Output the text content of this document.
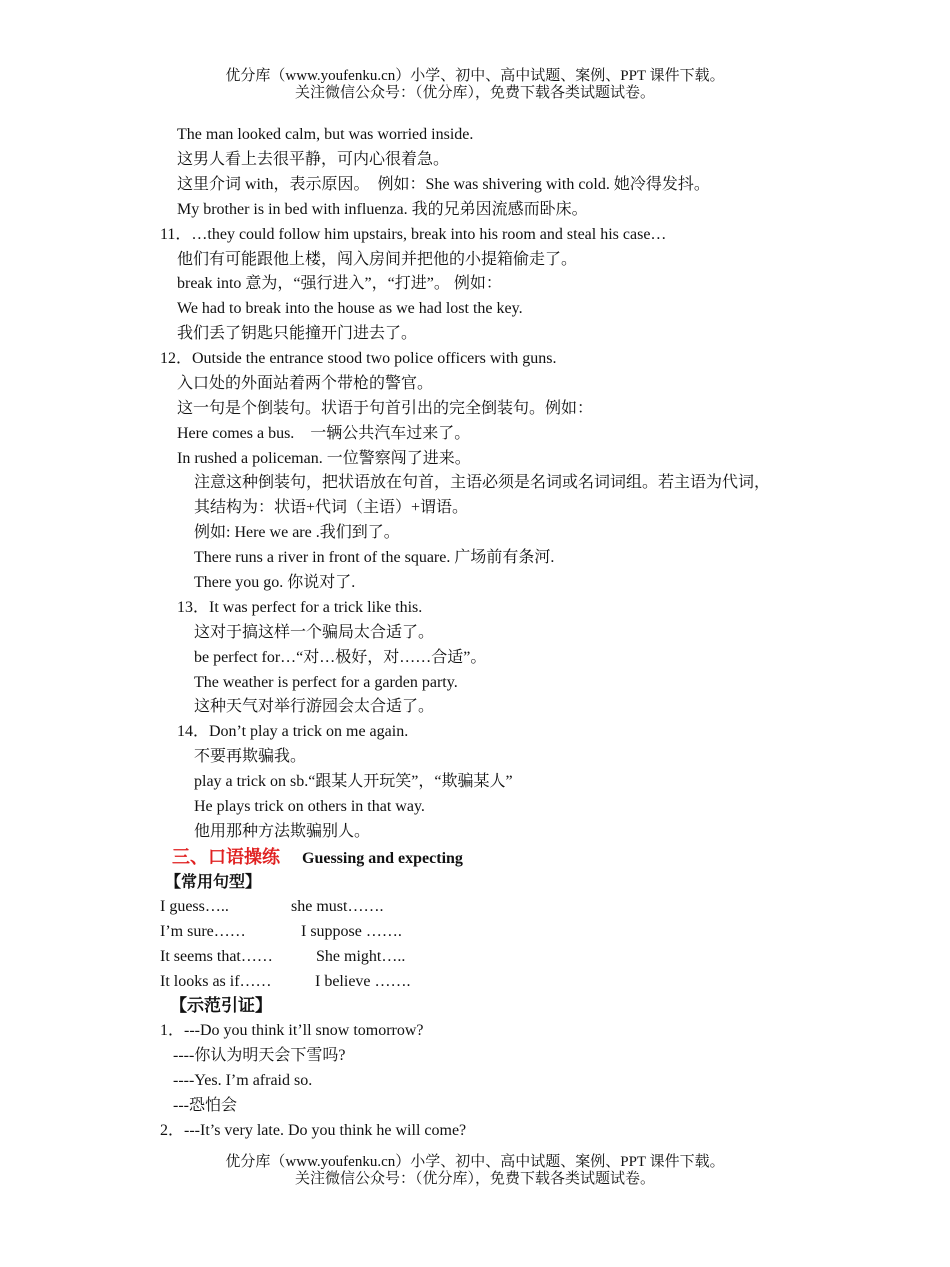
优分库（www.youfenku.cn）小学、初中、高中试题、案例、PPT 课件下载。
关注微信公众号：（优分库），免费下载各类试题试卷。
The man looked calm, but was worried inside.
这男人看上去很平静，可内心很着急。
这里介词 with，表示原因。　例如：She was shivering with cold. 她冷得发抖。
My brother is in bed with influenza. 我的兄弟因流感而卧床。
11．…they could follow him upstairs, break into his room and steal his case…
他们有可能跟他上楼，闯入房间并把他的小提箱偷走了。
break into 意为，“强行进入”，“打进”。 例如：
We had to break into the house as we had lost the key.
我们丢了钥匙只能撞开门进去了。
12．Outside the entrance stood two police officers with guns.
入口处的外面站着两个带枪的警官。
这一句是个倒装句。状语于句首引出的完全倒装句。例如：
Here comes a bus.　一辆公共汽车过来了。
In rushed a policeman. 一位警察闯了进来。
注意这种倒装句，把状语放在句首，主语必须是名词或名词词组。若主语为代词，
其结构为：状语+代词（主语）+谓语。
例如: Here we are .我们到了。
There runs a river in front of the square. 广场前有条河.
There you go. 你说对了.
13．It was perfect for a trick like this.
这对于搞这样一个骗局太合适了。
be perfect for…“对…极好，对……合适”。
The weather is perfect for a garden party.
这种天气对举行游园会太合适了。
14．Don’t play a trick on me again.
不要再欺骗我。
play a trick on sb.“跟某人开玩笑”，“欺骗某人”
He plays trick on others in that way.
他用那种方法欺骗别人。
三、口语操练 Guessing and expecting
【常用句型】
I guess…..	she must…….
I’m sure……	I suppose …….
It seems that……	She might…..
It looks as if……	I believe …….
【示范引证】
1．---Do you think it’ll snow tomorrow?
----你认为明天会下雪吗?
----Yes. I’m afraid so.
---恐怕会
2．---It’s very late. Do you think he will come?
优分库（www.youfenku.cn）小学、初中、高中试题、案例、PPT 课件下载。
关注微信公众号：（优分库），免费下载各类试题试卷。
